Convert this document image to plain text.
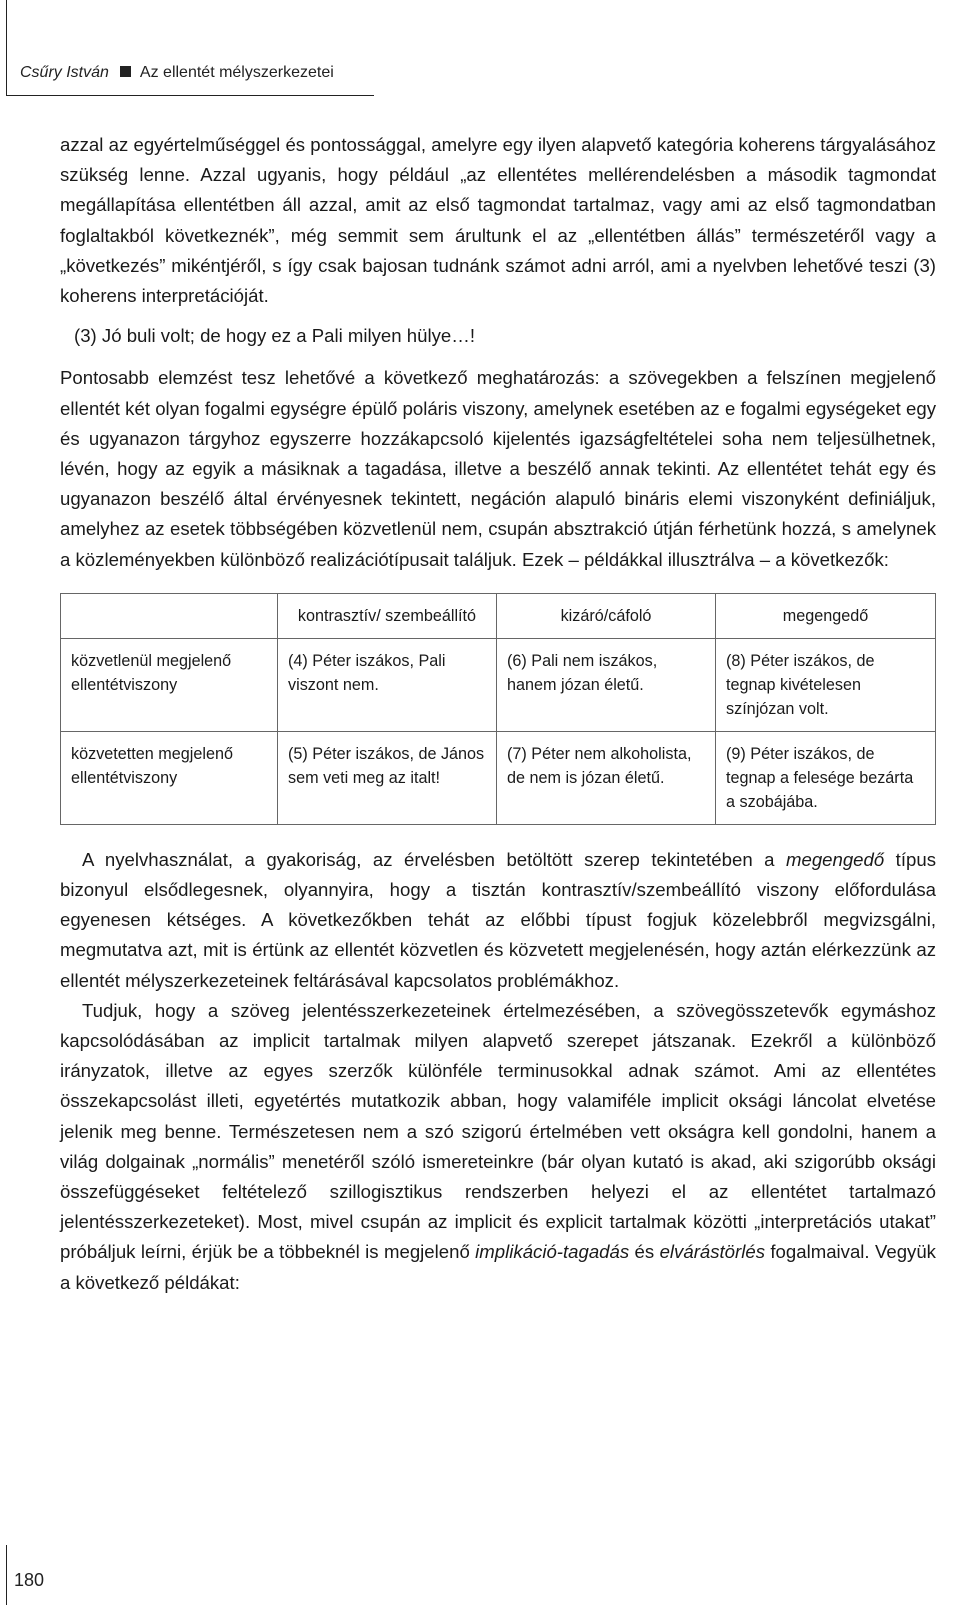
Csűry István Az ellentét mélyszerkezetei

azzal az egyértelműséggel és pontossággal, amelyre egy ilyen alapvető kategória koherens tárgyalásához szükség lenne. Azzal ugyanis, hogy például „az ellentétes mellérendelésben a második tagmondat megállapítása ellentétben áll azzal, amit az első tagmondat tartalmaz, vagy ami az első tagmondatban foglaltakból következnék”, még semmit sem árultunk el az „ellentétben állás” természetéről vagy a „következés” mikéntjéről, s így csak bajosan tudnánk számot adni arról, ami a nyelvben lehetővé teszi (3) koherens interpretációját.

(3) Jó buli volt; de hogy ez a Pali milyen hülye…!

Pontosabb elemzést tesz lehetővé a következő meghatározás: a szövegekben a felszínen megjelenő ellentét két olyan fogalmi egységre épülő poláris viszony, amelynek esetében az e fogalmi egységeket egy és ugyanazon tárgyhoz egyszerre hozzákapcsoló kijelentés igazságfeltételei soha nem teljesülhetnek, lévén, hogy az egyik a másiknak a tagadása, illetve a beszélő annak tekinti. Az ellentétet tehát egy és ugyanazon beszélő által érvényesnek tekintett, negáción alapuló bináris elemi viszonyként definiáljuk, amelyhez az esetek többségében közvetlenül nem, csupán absztrakció útján férhetünk hozzá, s amelynek a közleményekben különböző realizációtípusait találjuk. Ezek – példákkal illusztrálva – a következők:

	kontrasztív/ szembeállító	kizáró/cáfoló	megengedő
közvetlenül megjelenő ellentétviszony	(4) Péter iszákos, Pali viszont nem.	(6) Pali nem iszákos, hanem józan életű.	(8) Péter iszákos, de tegnap kivételesen színjózan volt.
közvetetten megjelenő ellentétviszony	(5) Péter iszákos, de János sem veti meg az italt!	(7) Péter nem alkoholista, de nem is józan életű.	(9) Péter iszákos, de tegnap a felesége bezárta a szobájába.

A nyelvhasználat, a gyakoriság, az érvelésben betöltött szerep tekintetében a megengedő típus bizonyul elsődlegesnek, olyannyira, hogy a tisztán kontrasztív/szembeállító viszony előfordulása egyenesen kétséges. A következőkben tehát az előbbi típust fogjuk közelebbről megvizsgálni, megmutatva azt, mit is értünk az ellentét közvetlen és közvetett megjelenésén, hogy aztán elérkezzünk az ellentét mélyszerkezeteinek feltárásával kapcsolatos problémákhoz.

Tudjuk, hogy a szöveg jelentésszerkezeteinek értelmezésében, a szövegösszetevők egymáshoz kapcsolódásában az implicit tartalmak milyen alapvető szerepet játszanak. Ezekről a különböző irányzatok, illetve az egyes szerzők különféle terminusokkal adnak számot. Ami az ellentétes összekapcsolást illeti, egyetértés mutatkozik abban, hogy valamiféle implicit oksági láncolat elvetése jelenik meg benne. Természetesen nem a szó szigorú értelmében vett okságra kell gondolni, hanem a világ dolgainak „normális” menetéről szóló ismereteinkre (bár olyan kutató is akad, aki szigorúbb oksági összefüggéseket feltételező szillogisztikus rendszerben helyezi el az ellentétet tartalmazó jelentésszerkezeteket). Most, mivel csupán az implicit és explicit tartalmak közötti „interpretációs utakat” próbáljuk leírni, érjük be a többeknél is megjelenő implikáció-tagadás és elvárástörlés fogalmaival. Vegyük a következő példákat:

180
